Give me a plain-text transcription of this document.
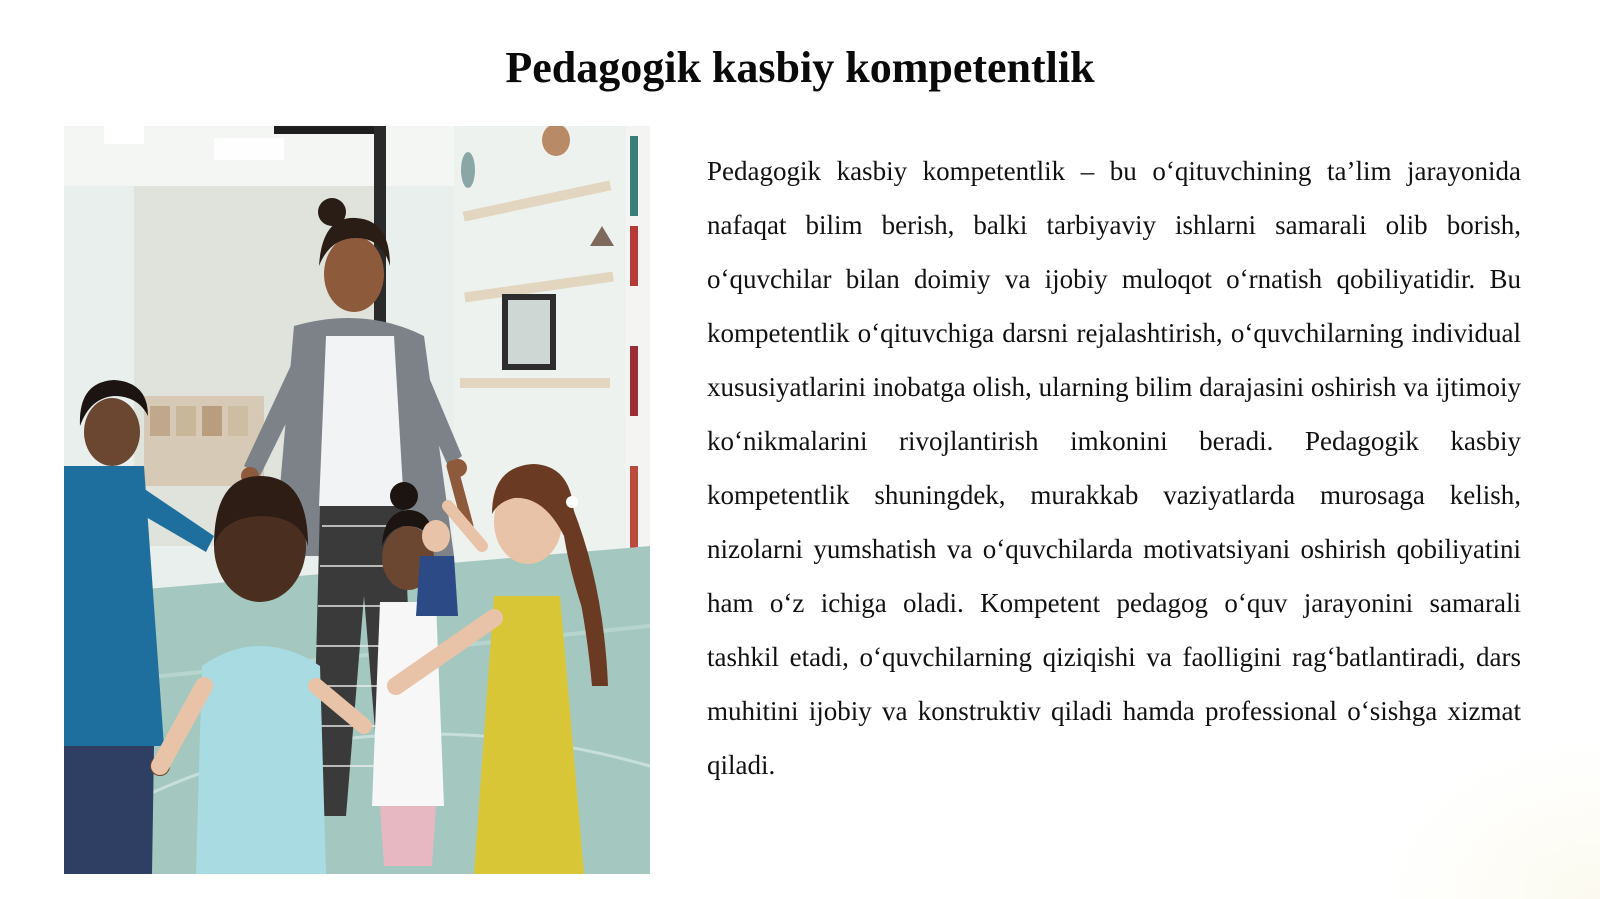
Pedagogik kasbiy kompetentlik

Pedagogik kasbiy kompetentlik – bu o‘qituvchining ta’lim jarayonida nafaqat bilim berish, balki tarbiyaviy ishlarni samarali olib borish, o‘quvchilar bilan doimiy va ijobiy muloqot o‘rnatish qobiliyatidir. Bu kompetentlik o‘qituvchiga darsni rejalashtirish, o‘quvchilarning individual xususiyatlarini inobatga olish, ularning bilim darajasini oshirish va ijtimoiy ko‘nikmalarini rivojlantirish imkonini beradi. Pedagogik kasbiy kompetentlik shuningdek, murakkab vaziyatlarda murosaga kelish, nizolarni yumshatish va o‘quvchilarda motivatsiyani oshirish qobiliyatini ham o‘z ichiga oladi. Kompetent pedagog o‘quv jarayonini samarali tashkil etadi, o‘quvchilarning qiziqishi va faolligini rag‘batlantiradi, dars muhitini ijobiy va konstruktiv qiladi hamda professional o‘sishga xizmat qiladi.
